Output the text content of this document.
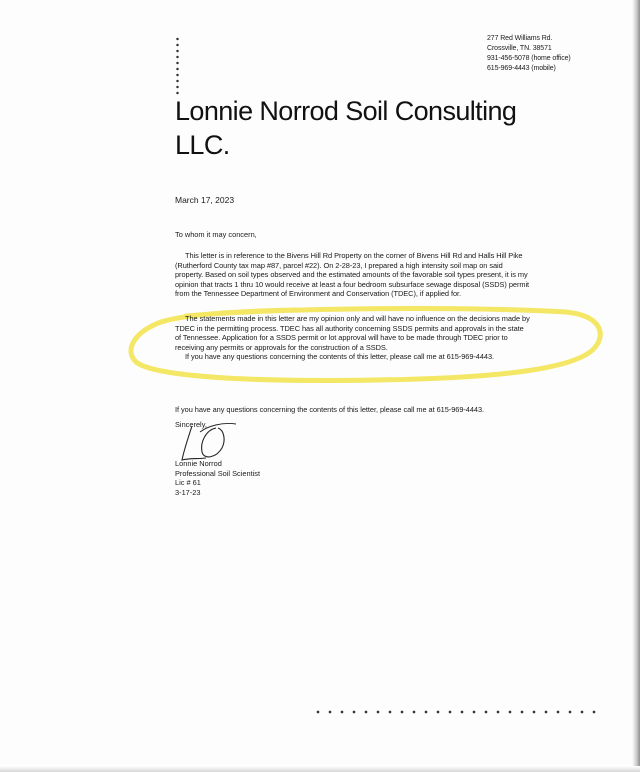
277 Red Williams Rd.
Crossville, TN. 38571
931-456-5078 (home office)
615-969-4443 (mobile)
Lonnie Norrod Soil Consulting
LLC.
March 17, 2023
To whom it may concern,
This letter is in reference to the Bivens Hill Rd Property on the corner of Bivens Hill Rd and Halls Hill Pike
(Rutherford County tax map #87, parcel #22). On 2-28-23, I prepared a high intensity soil map on said
property. Based on soil types observed and the estimated amounts of the favorable soil types present, it is my
opinion that tracts 1 thru 10 would receive at least a four bedroom subsurface sewage disposal (SSDS) permit
from the Tennessee Department of Environment and Conservation (TDEC), if applied for.
The statements made in this letter are my opinion only and will have no influence on the decisions made by
TDEC in the permitting process. TDEC has all authority concerning SSDS permits and approvals in the state
of Tennessee. Application for a SSDS permit or lot approval will have to be made through TDEC prior to
receiving any permits or approvals for the construction of a SSDS.
If you have any questions concerning the contents of this letter, please call me at 615-969-4443.
If you have any questions concerning the contents of this letter, please call me at 615-969-4443.
Sincerely,
Lonnie Norrod
Professional Soil Scientist
Lic # 61
3-17-23
